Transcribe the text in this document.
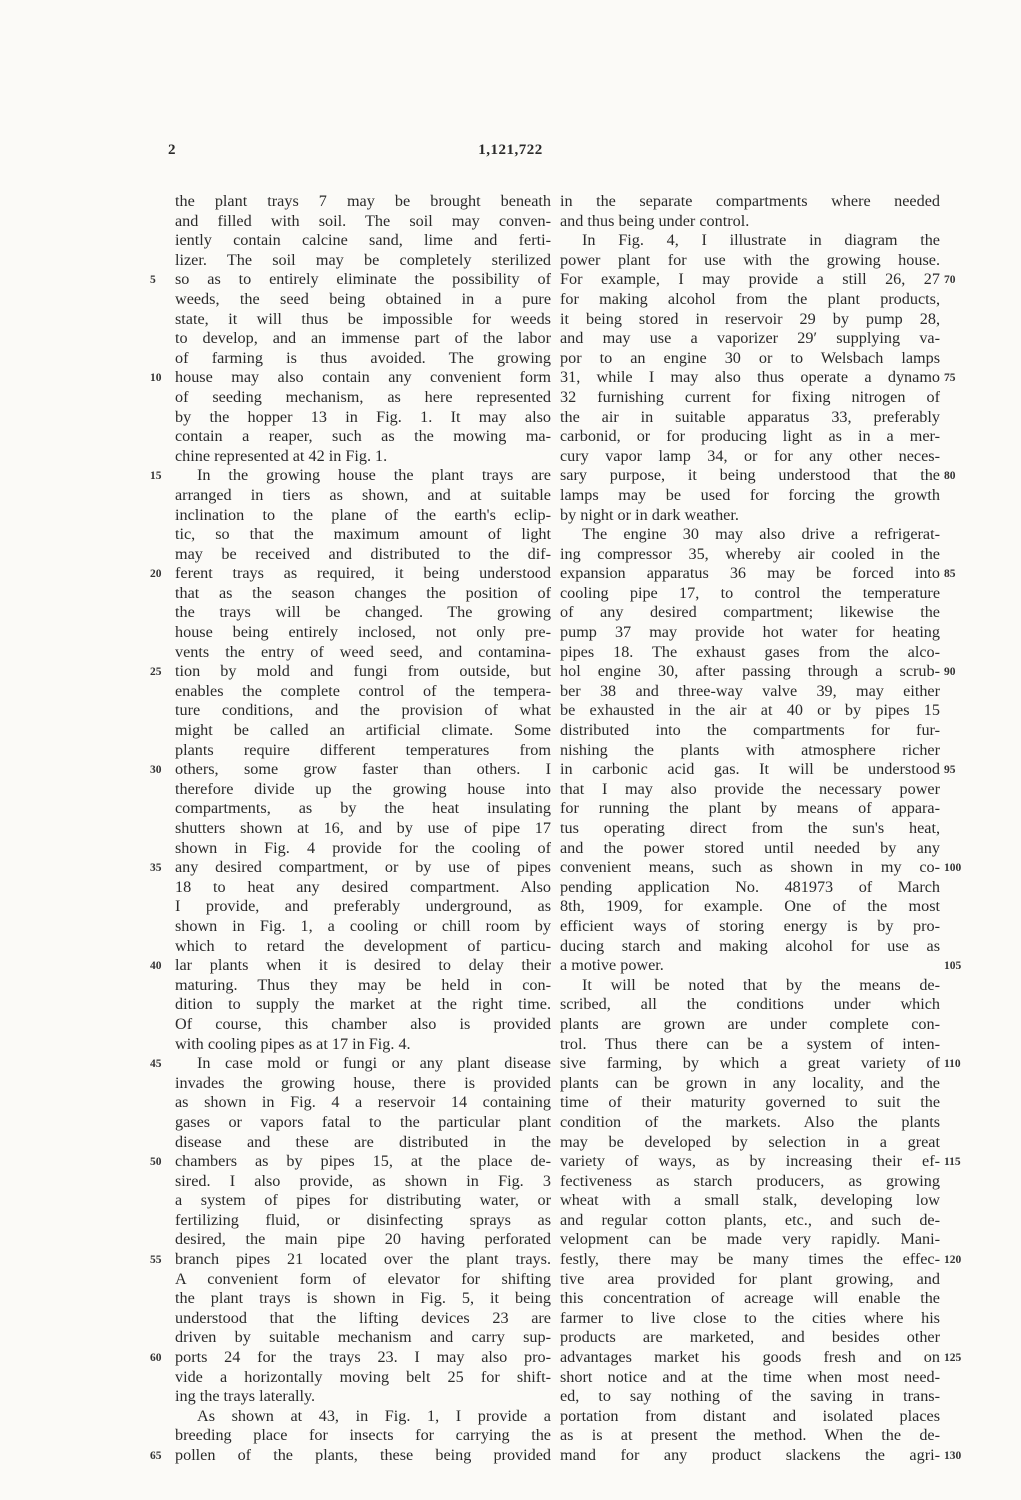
2	1,121,722
the plant trays 7 may be brought beneath
and filled with soil. The soil may conven-
iently contain calcine sand, lime and ferti-
lizer. The soil may be completely sterilized
so as to entirely eliminate the possibility of
weeds, the seed being obtained in a pure
state, it will thus be impossible for weeds
to develop, and an immense part of the labor
of farming is thus avoided. The growing
house may also contain any convenient form
of seeding mechanism, as here represented
by the hopper 13 in Fig. 1. It may also
contain a reaper, such as the mowing ma-
chine represented at 42 in Fig. 1.
In the growing house the plant trays are
arranged in tiers as shown, and at suitable
inclination to the plane of the earth's eclip-
tic, so that the maximum amount of light
may be received and distributed to the dif-
ferent trays as required, it being understood
that as the season changes the position of
the trays will be changed. The growing
house being entirely inclosed, not only pre-
vents the entry of weed seed, and contamina-
tion by mold and fungi from outside, but
enables the complete control of the tempera-
ture conditions, and the provision of what
might be called an artificial climate. Some
plants require different temperatures from
others, some grow faster than others. I
therefore divide up the growing house into
compartments, as by the heat insulating
shutters shown at 16, and by use of pipe 17
shown in Fig. 4 provide for the cooling of
any desired compartment, or by use of pipes
18 to heat any desired compartment. Also
I provide, and preferably underground, as
shown in Fig. 1, a cooling or chill room by
which to retard the development of particu-
lar plants when it is desired to delay their
maturing. Thus they may be held in con-
dition to supply the market at the right time.
Of course, this chamber also is provided
with cooling pipes as at 17 in Fig. 4.
In case mold or fungi or any plant disease
invades the growing house, there is provided
as shown in Fig. 4 a reservoir 14 containing
gases or vapors fatal to the particular plant
disease and these are distributed in the
chambers as by pipes 15, at the place de-
sired. I also provide, as shown in Fig. 3
a system of pipes for distributing water, or
fertilizing fluid, or disinfecting sprays as
desired, the main pipe 20 having perforated
branch pipes 21 located over the plant trays.
A convenient form of elevator for shifting
the plant trays is shown in Fig. 5, it being
understood that the lifting devices 23 are
driven by suitable mechanism and carry sup-
ports 24 for the trays 23. I may also pro-
vide a horizontally moving belt 25 for shift-
ing the trays laterally.
As shown at 43, in Fig. 1, I provide a
breeding place for insects for carrying the
pollen of the plants, these being provided
in the separate compartments where needed
and thus being under control.
In Fig. 4, I illustrate in diagram the
power plant for use with the growing house.
For example, I may provide a still 26, 27
for making alcohol from the plant products,
it being stored in reservoir 29 by pump 28,
and may use a vaporizer 29′ supplying va-
por to an engine 30 or to Welsbach lamps
31, while I may also thus operate a dynamo
32 furnishing current for fixing nitrogen of
the air in suitable apparatus 33, preferably
carbonid, or for producing light as in a mer-
cury vapor lamp 34, or for any other neces-
sary purpose, it being understood that the
lamps may be used for forcing the growth
by night or in dark weather.
The engine 30 may also drive a refrigerat-
ing compressor 35, whereby air cooled in the
expansion apparatus 36 may be forced into
cooling pipe 17, to control the temperature
of any desired compartment; likewise the
pump 37 may provide hot water for heating
pipes 18. The exhaust gases from the alco-
hol engine 30, after passing through a scrub-
ber 38 and three-way valve 39, may either
be exhausted in the air at 40 or by pipes 15
distributed into the compartments for fur-
nishing the plants with atmosphere richer
in carbonic acid gas. It will be understood
that I may also provide the necessary power
for running the plant by means of appara-
tus operating direct from the sun's heat,
and the power stored until needed by any
convenient means, such as shown in my co-
pending application No. 481973 of March
8th, 1909, for example. One of the most
efficient ways of storing energy is by pro-
ducing starch and making alcohol for use as
a motive power.
It will be noted that by the means de-
scribed, all the conditions under which
plants are grown are under complete con-
trol. Thus there can be a system of inten-
sive farming, by which a great variety of
plants can be grown in any locality, and the
time of their maturity governed to suit the
condition of the markets. Also the plants
may be developed by selection in a great
variety of ways, as by increasing their ef-
fectiveness as starch producers, as growing
wheat with a small stalk, developing low
and regular cotton plants, etc., and such de-
velopment can be made very rapidly. Mani-
festly, there may be many times the effec-
tive area provided for plant growing, and
this concentration of acreage will enable the
farmer to live close to the cities where his
products are marketed, and besides other
advantages market his goods fresh and on
short notice and at the time when most need-
ed, to say nothing of the saving in trans-
portation from distant and isolated places
as is at present the method. When the de-
mand for any product slackens the agri-
5
10
15
20
25
30
35
40
45
50
55
60
65
70
75
80
85
90
95
100
105
110
115
120
125
130
